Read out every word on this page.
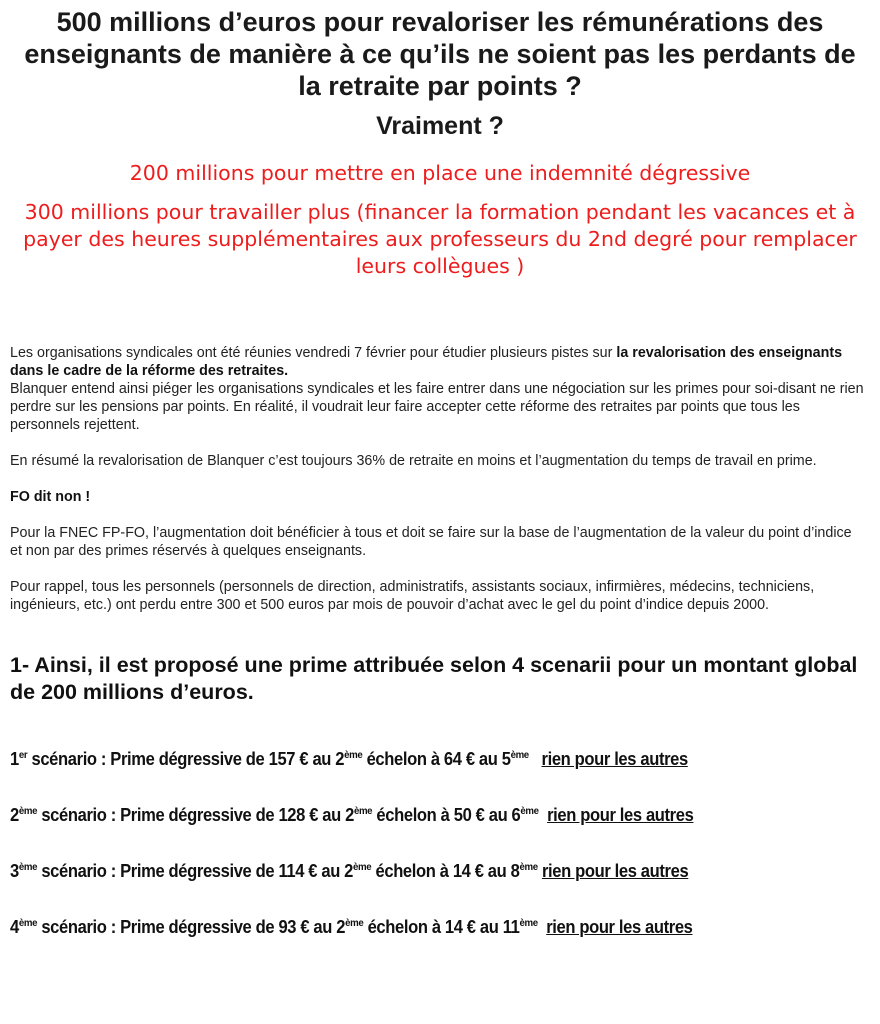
500 millions d’euros pour revaloriser les rémunérations des enseignants de manière à ce qu’ils ne soient pas les perdants de la retraite par points ?
Vraiment ?
200 millions pour mettre en place une indemnité dégressive
300 millions pour travailler plus (financer la formation pendant les vacances et à payer des heures supplémentaires aux professeurs du 2nd degré pour remplacer leurs collègues )

Les organisations syndicales ont été réunies vendredi 7 février pour étudier plusieurs pistes sur la revalorisation des enseignants dans le cadre de la réforme des retraites.
Blanquer entend ainsi piéger les organisations syndicales et les faire entrer dans une négociation sur les primes pour soi-disant ne rien perdre sur les pensions par points. En réalité, il voudrait leur faire accepter cette réforme des retraites par points que tous les personnels rejettent.

En résumé la revalorisation de Blanquer c’est toujours 36% de retraite en moins et l’augmentation du temps de travail en prime.

FO dit non !

Pour la FNEC FP-FO, l’augmentation doit bénéficier à tous et doit se faire sur la base de l’augmentation de la valeur du point d’indice et non par des primes réservés à quelques enseignants.

Pour rappel, tous les personnels (personnels de direction, administratifs, assistants sociaux, infirmières, médecins, techniciens, ingénieurs, etc.) ont perdu entre 300 et 500 euros par mois de pouvoir d’achat avec le gel du point d’indice depuis 2000.

1- Ainsi, il est proposé une prime attribuée selon 4 scenarii pour un montant global de 200 millions d’euros.
1er scénario : Prime dégressive de 157 € au 2ème échelon à 64 € au 5ème rien pour les autres
2ème scénario : Prime dégressive de 128 € au 2ème échelon à 50 € au 6ème rien pour les autres
3ème scénario : Prime dégressive de 114 € au 2ème échelon à 14 € au 8ème rien pour les autres
4ème scénario : Prime dégressive de 93 € au 2ème échelon à 14 € au 11ème rien pour les autres
